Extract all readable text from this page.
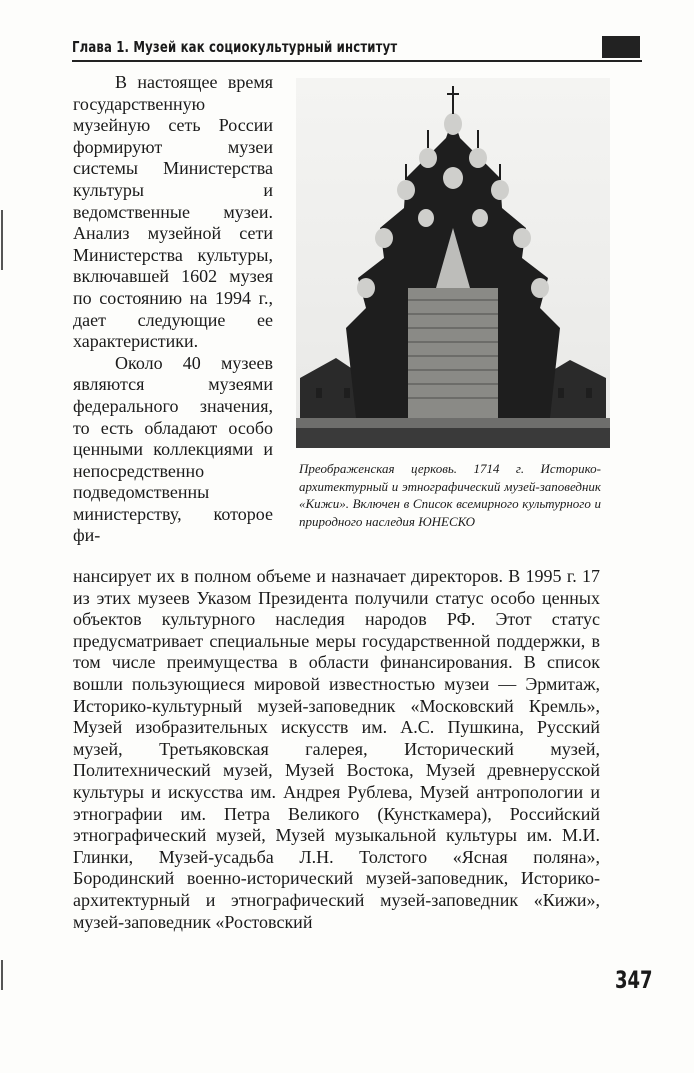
Глава 1. Музей как социокультурный институт

В настоящее время государственную музейную сеть России формируют музеи системы Министерства культуры и ведомственные музеи. Анализ музейной сети Министерства культуры, включавшей 1602 музея по состоянию на 1994 г., дает следующие ее характеристики.

Около 40 музеев являются музеями федерального значения, то есть обладают особо ценными коллекциями и непосредственно подведомственны министерству, которое фи-

Преображенская церковь. 1714 г. Историко-архитектурный и этнографический музей-заповедник «Кижи». Включен в Список всемирного культурного и природного наследия ЮНЕСКО

нансирует их в полном объеме и назначает директоров. В 1995 г. 17 из этих музеев Указом Президента получили статус особо ценных объектов культурного наследия народов РФ. Этот статус предусматривает специальные меры государственной поддержки, в том числе преимущества в области финансирования. В список вошли пользующиеся мировой известностью музеи — Эрмитаж, Историко-культурный музей-заповедник «Московский Кремль», Музей изобразительных искусств им. А.С. Пушкина, Русский музей, Третьяковская галерея, Исторический музей, Политехнический музей, Музей Востока, Музей древнерусской культуры и искусства им. Андрея Рублева, Музей антропологии и этнографии им. Петра Великого (Кунсткамера), Российский этнографический музей, Музей музыкальной культуры им. М.И. Глинки, Музей-усадьба Л.Н. Толстого «Ясная поляна», Бородинский военно-исторический музей-заповедник, Историко-архитектурный и этнографический музей-заповедник «Кижи», музей-заповедник «Ростовский

347
